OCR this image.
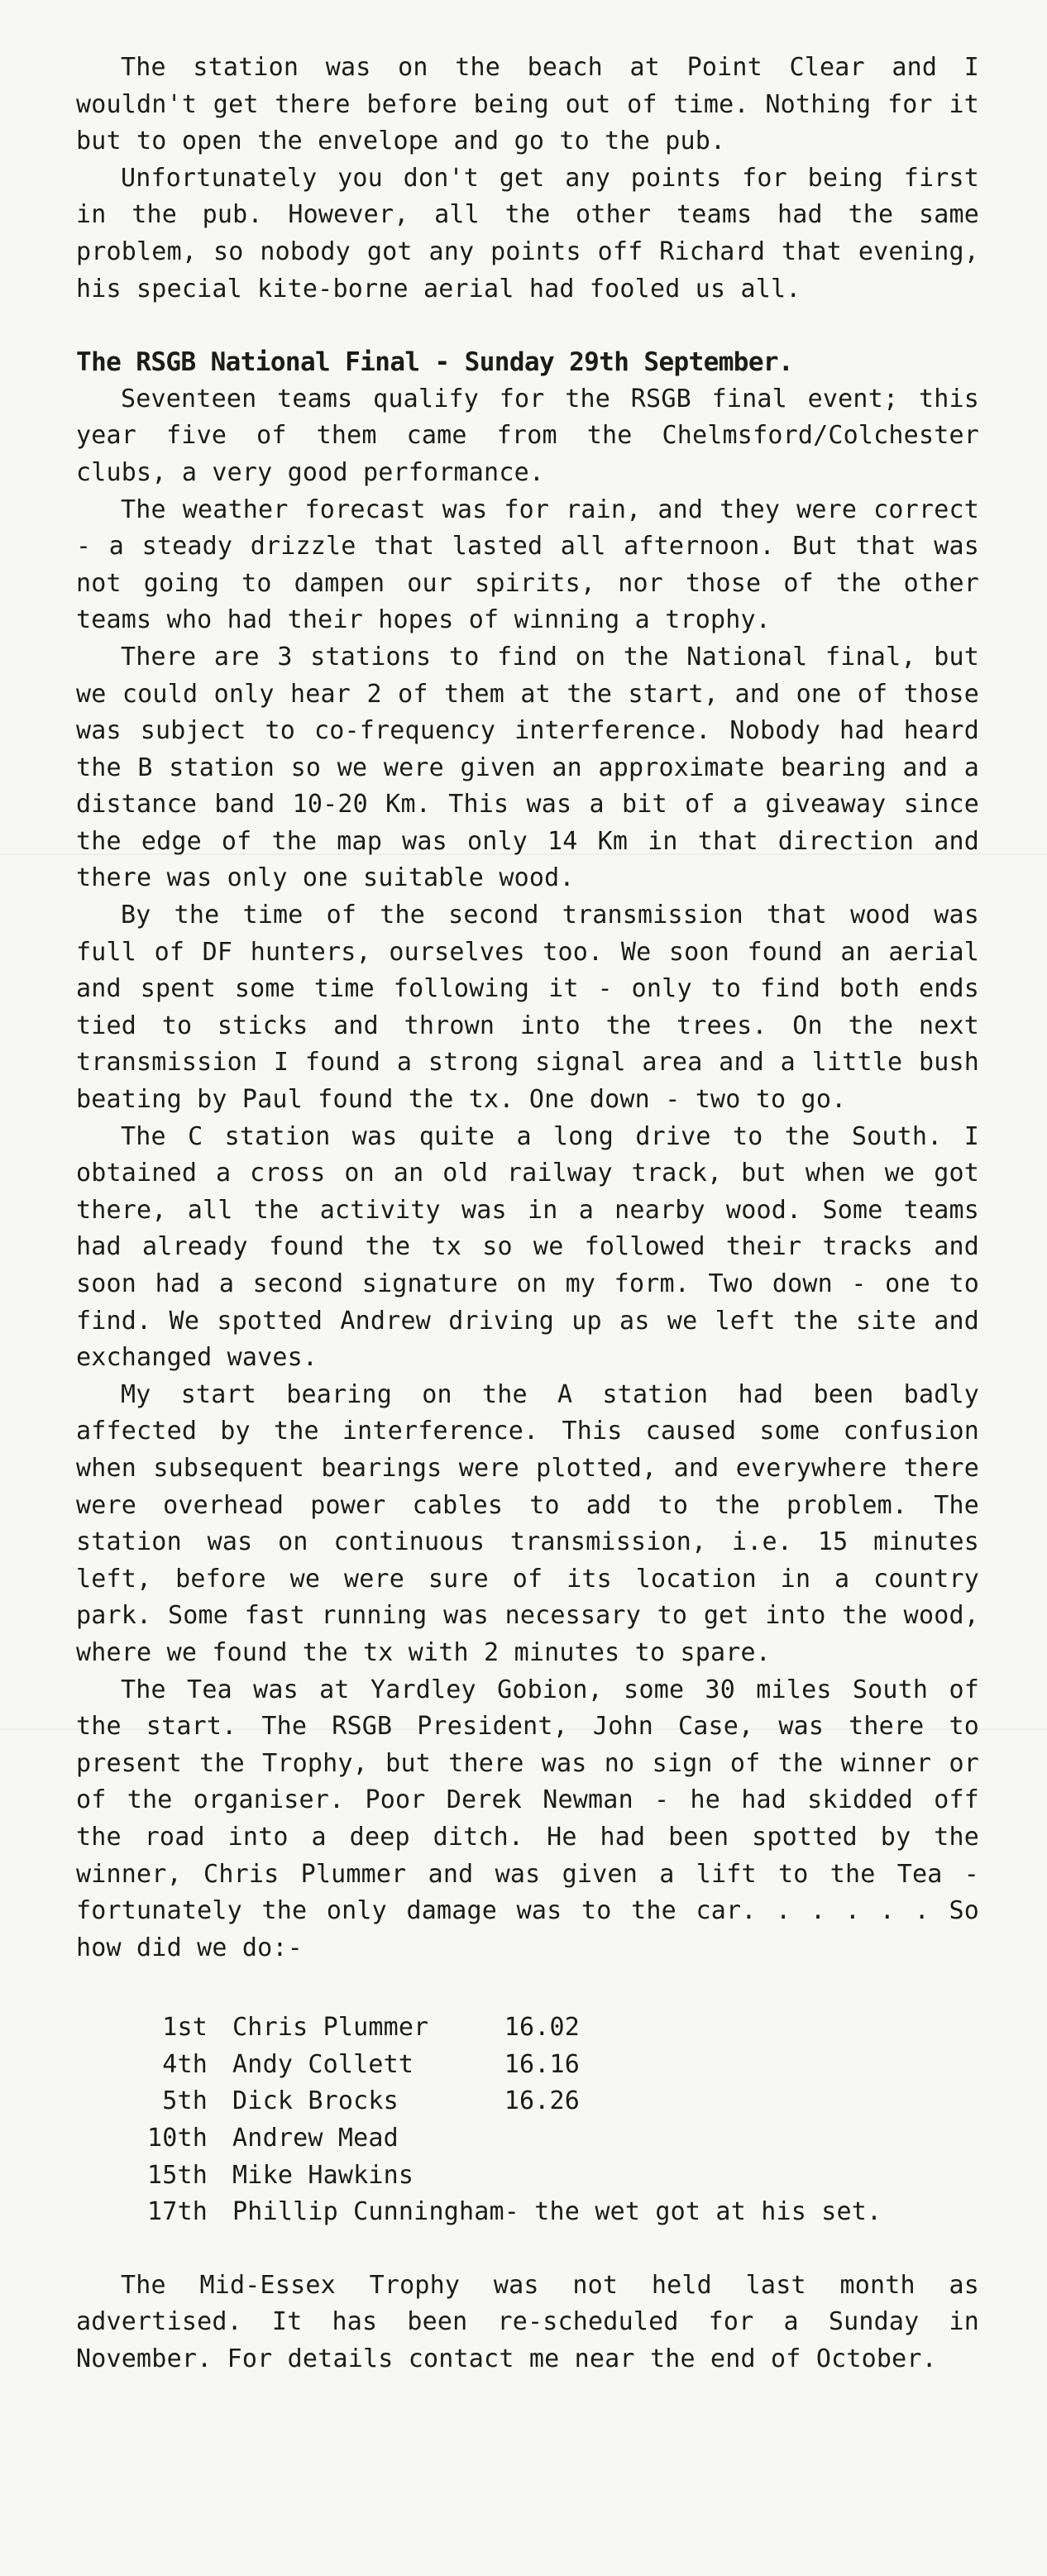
The station was on the beach at Point Clear and I wouldn't get there before being out of time. Nothing for it but to open the envelope and go to the pub.

Unfortunately you don't get any points for being first in the pub. However, all the other teams had the same problem, so nobody got any points off Richard that evening, his special kite-borne aerial had fooled us all.

The RSGB National Final - Sunday 29th September.

Seventeen teams qualify for the RSGB final event; this year five of them came from the Chelmsford/Colchester clubs, a very good performance.

The weather forecast was for rain, and they were correct - a steady drizzle that lasted all afternoon. But that was not going to dampen our spirits, nor those of the other teams who had their hopes of winning a trophy.

There are 3 stations to find on the National final, but we could only hear 2 of them at the start, and one of those was subject to co-frequency interference. Nobody had heard the B station so we were given an approximate bearing and a distance band 10-20 Km. This was a bit of a giveaway since the edge of the map was only 14 Km in that direction and there was only one suitable wood.

By the time of the second transmission that wood was full of DF hunters, ourselves too. We soon found an aerial and spent some time following it - only to find both ends tied to sticks and thrown into the trees. On the next transmission I found a strong signal area and a little bush beating by Paul found the tx. One down - two to go.

The C station was quite a long drive to the South. I obtained a cross on an old railway track, but when we got there, all the activity was in a nearby wood. Some teams had already found the tx so we followed their tracks and soon had a second signature on my form. Two down - one to find. We spotted Andrew driving up as we left the site and exchanged waves.

My start bearing on the A station had been badly affected by the interference. This caused some confusion when subsequent bearings were plotted, and everywhere there were overhead power cables to add to the problem. The station was on continuous transmission, i.e. 15 minutes left, before we were sure of its location in a country park. Some fast running was necessary to get into the wood, where we found the tx with 2 minutes to spare.

The Tea was at Yardley Gobion, some 30 miles South of the start. The RSGB President, John Case, was there to present the Trophy, but there was no sign of the winner or of the organiser. Poor Derek Newman - he had skidded off the road into a deep ditch. He had been spotted by the winner, Chris Plummer and was given a lift to the Tea - fortunately the only damage was to the car. . . . . . So how did we do:-

1st	Chris Plummer	16.02
4th	Andy Collett	16.16
5th	Dick Brocks	16.26
10th	Andrew Mead	
15th	Mike Hawkins	
17th	Phillip Cunningham	- the wet got at his set.

The Mid-Essex Trophy was not held last month as advertised. It has been re-scheduled for a Sunday in November. For details contact me near the end of October.
